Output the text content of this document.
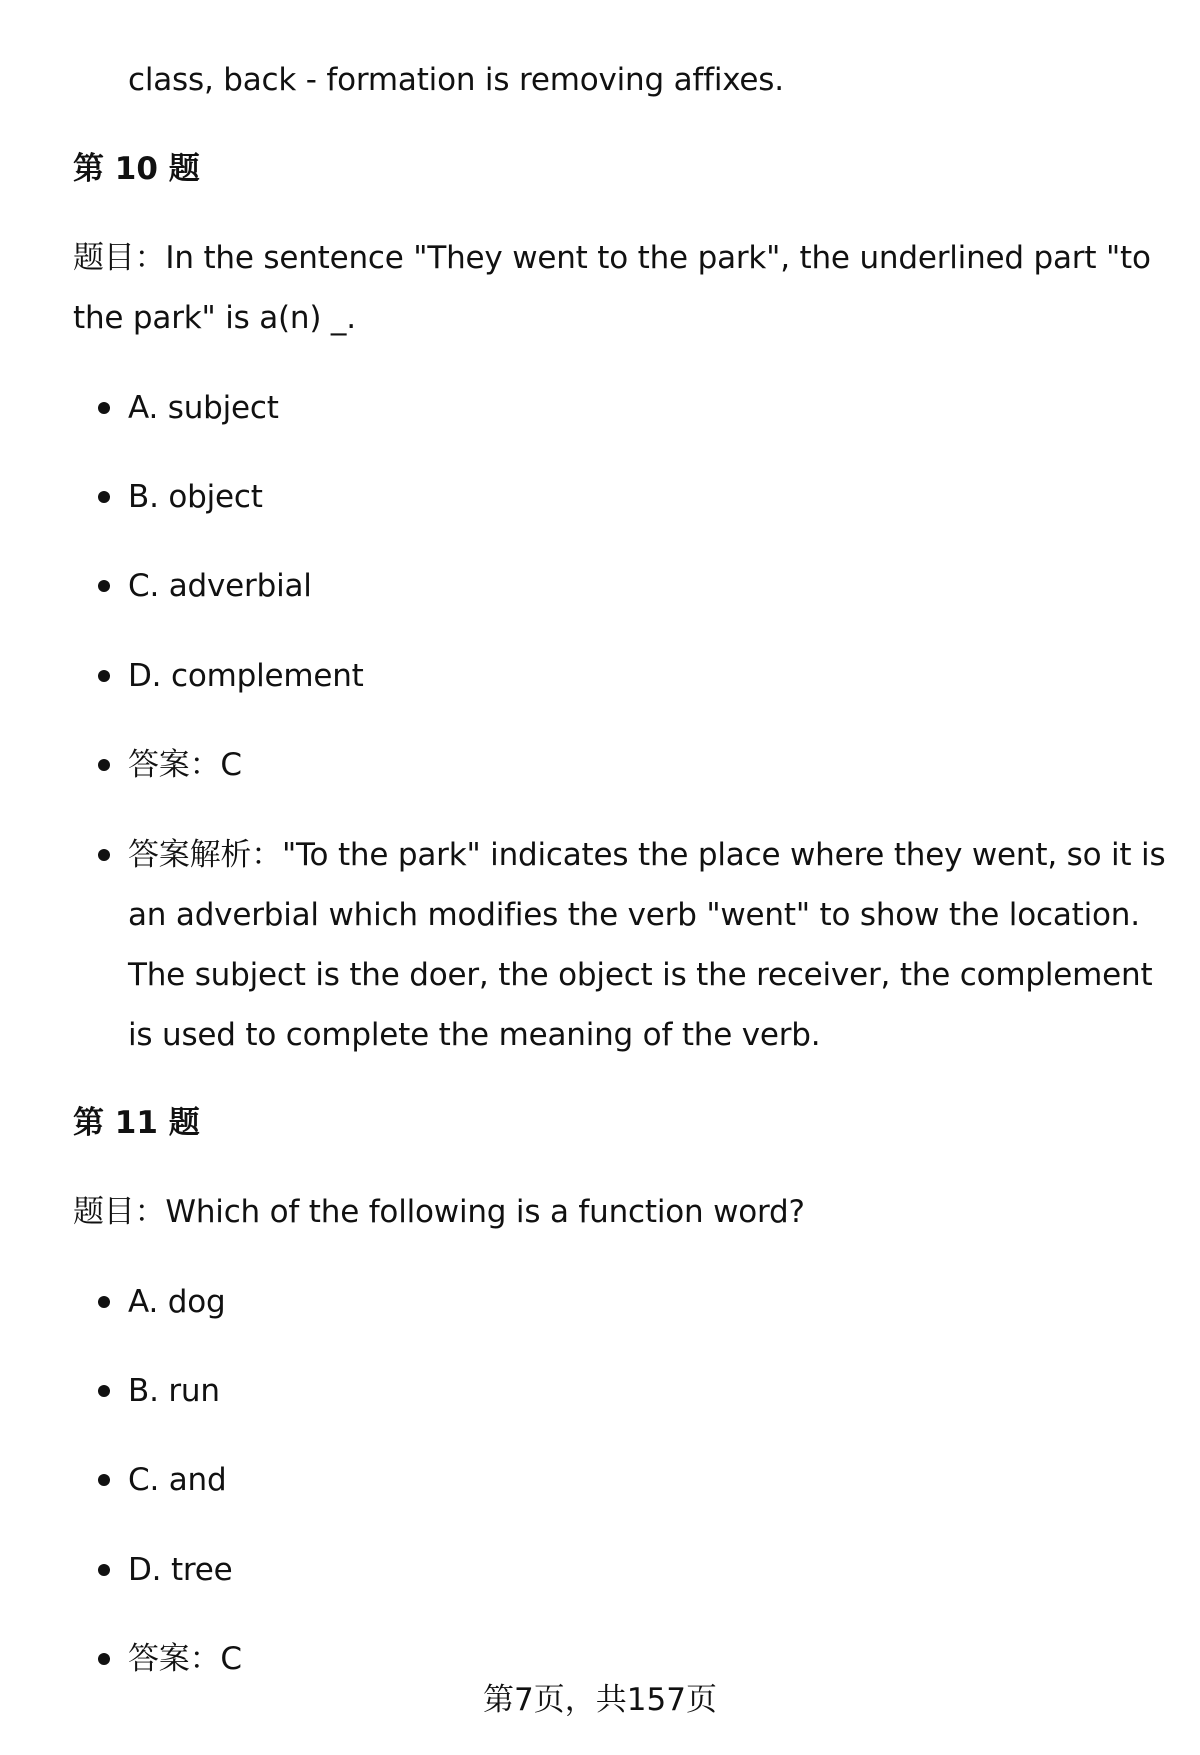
class, back - formation is removing affixes.
第 10 题
题目：In the sentence "They went to the park", the underlined part "to the park" is a(n) _.
A. subject
B. object
C. adverbial
D. complement
答案：C
答案解析："To the park" indicates the place where they went, so it is an adverbial which modifies the verb "went" to show the location. The subject is the doer, the object is the receiver, the complement is used to complete the meaning of the verb.
第 11 题
题目：Which of the following is a function word?
A. dog
B. run
C. and
D. tree
答案：C
第7页，共157页
